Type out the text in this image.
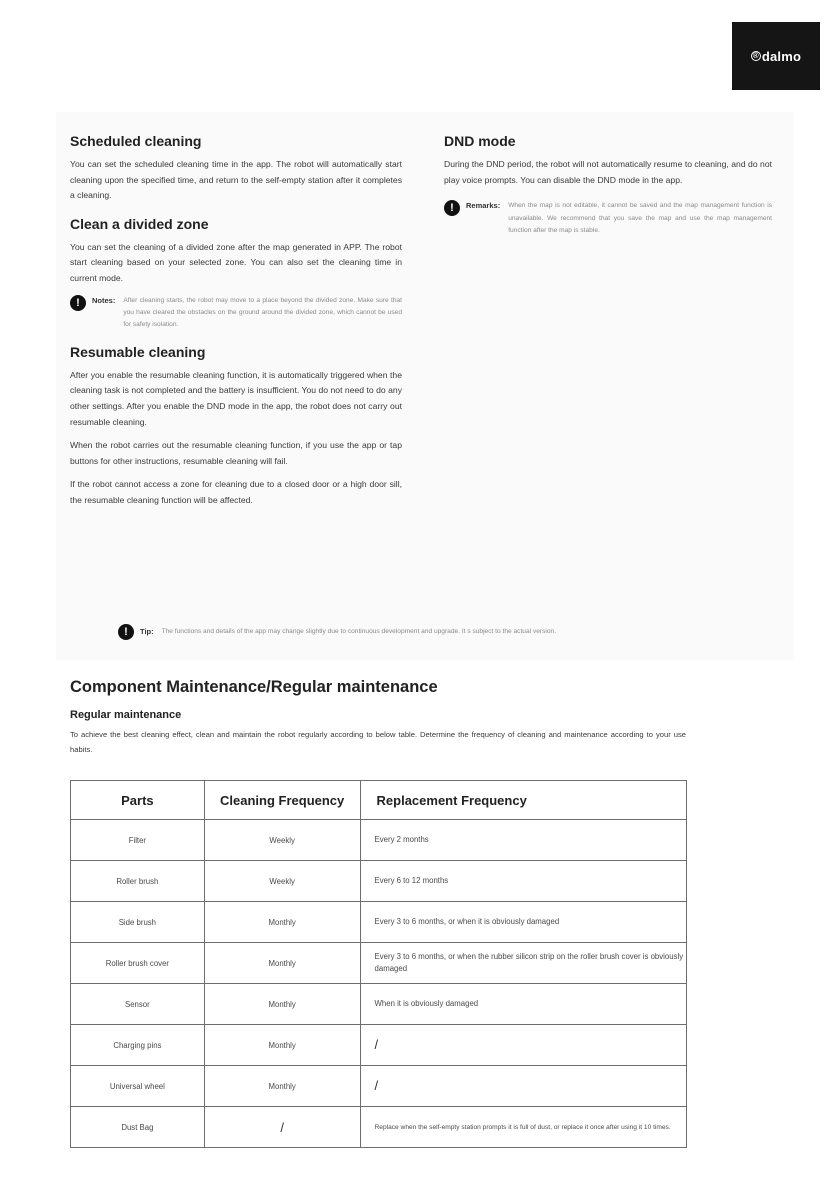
® dalmo
Scheduled cleaning

You can set the scheduled cleaning time in the app. The robot will automatically start cleaning upon the specified time, and return to the self-empty station after it completes a cleaning.

Clean a divided zone

You can set the cleaning of a divided zone after the map generated in APP. The robot start cleaning based on your selected zone. You can also set the cleaning time in current mode.

!	Notes: After cleaning starts, the robot may move to a place beyond the divided zone. Make sure that you have cleared the obstacles on the ground around the divided zone, which cannot be used for safety isolation.
Resumable cleaning

After you enable the resumable cleaning function, it is automatically triggered when the cleaning task is not completed and the battery is insufficient. You do not need to do any other settings. After you enable the DND mode in the app, the robot does not carry out resumable cleaning.

When the robot carries out the resumable cleaning function, if you use the app or tap buttons for other instructions, resumable cleaning will fail.

If the robot cannot access a zone for cleaning due to a closed door or a high door sill, the resumable cleaning function will be affected.

DND mode

During the DND period, the robot will not automatically resume to cleaning, and do not play voice prompts. You can disable the DND mode in the app.

!	Remarks: When the map is not editable, it cannot be saved and the map management function is unavailable. We recommend that you save the map and use the map management function after the map is stable.
!	Tip: The functions and details of the app may change slightly due to continuous development and upgrade. It s subject to the actual version.
Component Maintenance/Regular maintenance
Regular maintenance

To achieve the best cleaning effect, clean and maintain the robot regularly according to below table. Determine the frequency of cleaning and maintenance according to your use habits.

Parts	Cleaning Frequency	Replacement Frequency
Filter	Weekly	Every 2 months
Roller brush	Weekly	Every 6 to 12 months
Side brush	Monthly	Every 3 to 6 months, or when it is obviously damaged
Roller brush cover	Monthly	Every 3 to 6 months, or when the rubber silicon strip on the roller brush cover is obviously damaged
Sensor	Monthly	When it is obviously damaged
Charging pins	Monthly	/
Universal wheel	Monthly	/
Dust Bag	/	Replace when the self-empty station prompts it is full of dust, or replace it once after using it 10 times.
